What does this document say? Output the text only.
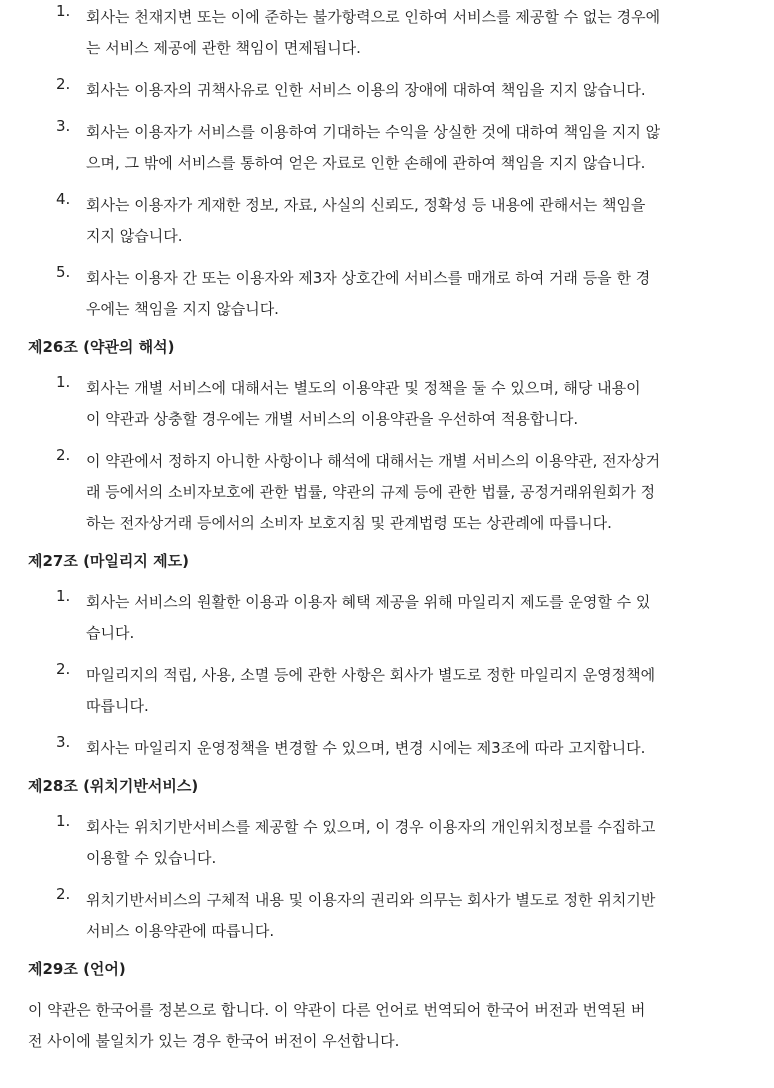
1. 회사는 천재지변 또는 이에 준하는 불가항력으로 인하여 서비스를 제공할 수 없는 경우에
는 서비스 제공에 관한 책임이 면제됩니다.
2. 회사는 이용자의 귀책사유로 인한 서비스 이용의 장애에 대하여 책임을 지지 않습니다.
3. 회사는 이용자가 서비스를 이용하여 기대하는 수익을 상실한 것에 대하여 책임을 지지 않
으며, 그 밖에 서비스를 통하여 얻은 자료로 인한 손해에 관하여 책임을 지지 않습니다.
4. 회사는 이용자가 게재한 정보, 자료, 사실의 신뢰도, 정확성 등 내용에 관해서는 책임을
지지 않습니다.
5. 회사는 이용자 간 또는 이용자와 제3자 상호간에 서비스를 매개로 하여 거래 등을 한 경
우에는 책임을 지지 않습니다.
제26조 (약관의 해석)
1. 회사는 개별 서비스에 대해서는 별도의 이용약관 및 정책을 둘 수 있으며, 해당 내용이
이 약관과 상충할 경우에는 개별 서비스의 이용약관을 우선하여 적용합니다.
2. 이 약관에서 정하지 아니한 사항이나 해석에 대해서는 개별 서비스의 이용약관, 전자상거
래 등에서의 소비자보호에 관한 법률, 약관의 규제 등에 관한 법률, 공정거래위원회가 정
하는 전자상거래 등에서의 소비자 보호지침 및 관계법령 또는 상관례에 따릅니다.
제27조 (마일리지 제도)
1. 회사는 서비스의 원활한 이용과 이용자 혜택 제공을 위해 마일리지 제도를 운영할 수 있
습니다.
2. 마일리지의 적립, 사용, 소멸 등에 관한 사항은 회사가 별도로 정한 마일리지 운영정책에
따릅니다.
3. 회사는 마일리지 운영정책을 변경할 수 있으며, 변경 시에는 제3조에 따라 고지합니다.
제28조 (위치기반서비스)
1. 회사는 위치기반서비스를 제공할 수 있으며, 이 경우 이용자의 개인위치정보를 수집하고
이용할 수 있습니다.
2. 위치기반서비스의 구체적 내용 및 이용자의 권리와 의무는 회사가 별도로 정한 위치기반
서비스 이용약관에 따릅니다.
제29조 (언어)
이 약관은 한국어를 정본으로 합니다. 이 약관이 다른 언어로 번역되어 한국어 버전과 번역된 버
전 사이에 불일치가 있는 경우 한국어 버전이 우선합니다.
